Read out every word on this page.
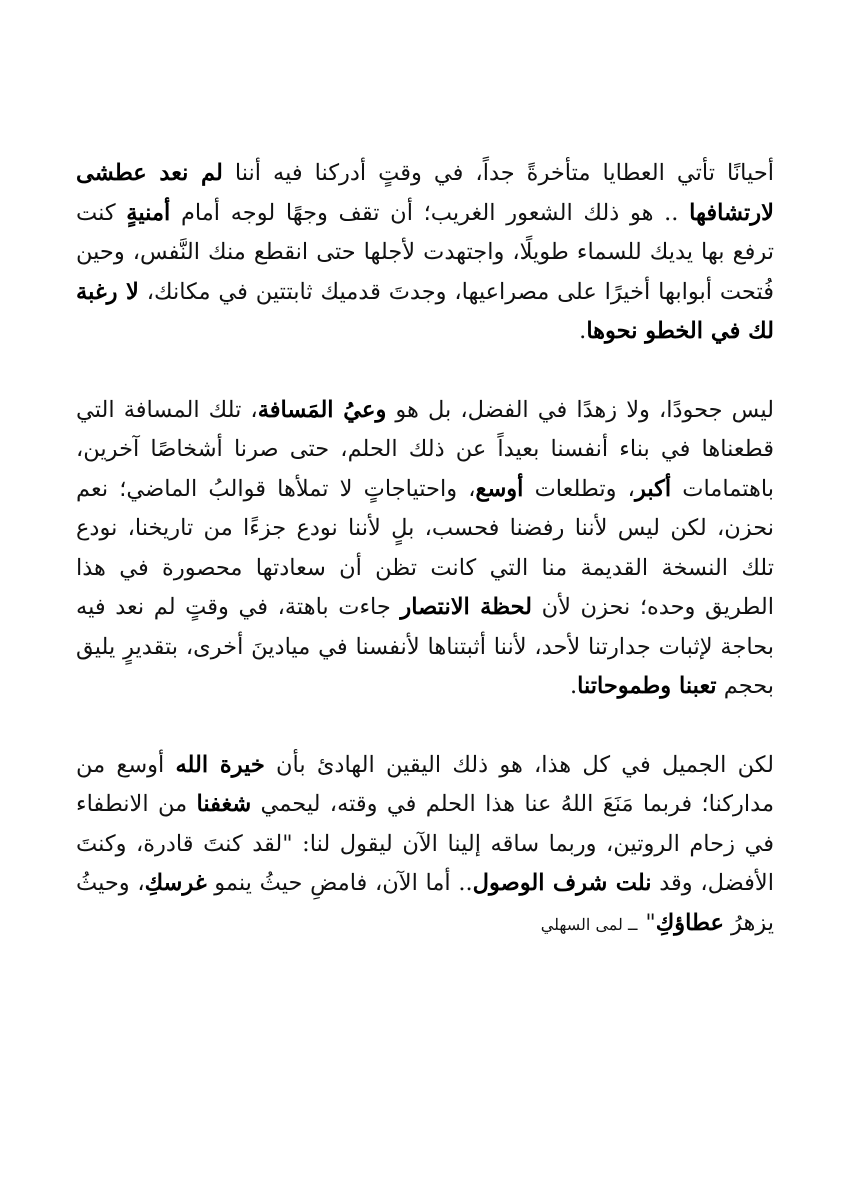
أحيانًا تأتي العطايا متأخرةً جداً، في وقتٍ أدركنا فيه أننا لم نعد عطشى لارتشافها .. هو ذلك الشعور الغريب؛ أن تقف وجهًا لوجه أمام أمنيةٍ كنت ترفع بها يديك للسماء طويلًا، واجتهدت لأجلها حتى انقطع منك النَّفس، وحين فُتحت أبوابها أخيرًا على مصراعيها، وجدتَ قدميك ثابتتين في مكانك، لا رغبة لك في الخطو نحوها.

ليس جحودًا، ولا زهدًا في الفضل، بل هو وعيُ المَسافة، تلك المسافة التي قطعناها في بناء أنفسنا بعيداً عن ذلك الحلم، حتى صرنا أشخاصًا آخرين، باهتمامات أكبر، وتطلعات أوسع، واحتياجاتٍ لا تملأها قوالبُ الماضي؛ نعم نحزن، لكن ليس لأننا رفضنا فحسب، بلٍ لأننا نودع جزءًا من تاريخنا، نودع تلك النسخة القديمة منا التي كانت تظن أن سعادتها محصورة في هذا الطريق وحده؛ نحزن لأن لحظة الانتصار جاءت باهتة، في وقتٍ لم نعد فيه بحاجة لإثبات جدارتنا لأحد، لأننا أثبتناها لأنفسنا في ميادينَ أخرى، بتقديرٍ يليق بحجم تعبنا وطموحاتنا.

لكن الجميل في كل هذا، هو ذلك اليقين الهادئ بأن خيرة الله أوسع من مداركنا؛ فربما مَنَعَ اللهُ عنا هذا الحلم في وقته، ليحمي شغفنا من الانطفاء في زحام الروتين، وربما ساقه إلينا الآن ليقول لنا: "لقد كنتَ قادرة، وكنتَ الأفضل، وقد نلت شرف الوصول.. أما الآن، فامضِ حيثُ ينمو غرسكِ، وحيثُ يزهرُ عطاؤكِ"ــ لمى السهلي
